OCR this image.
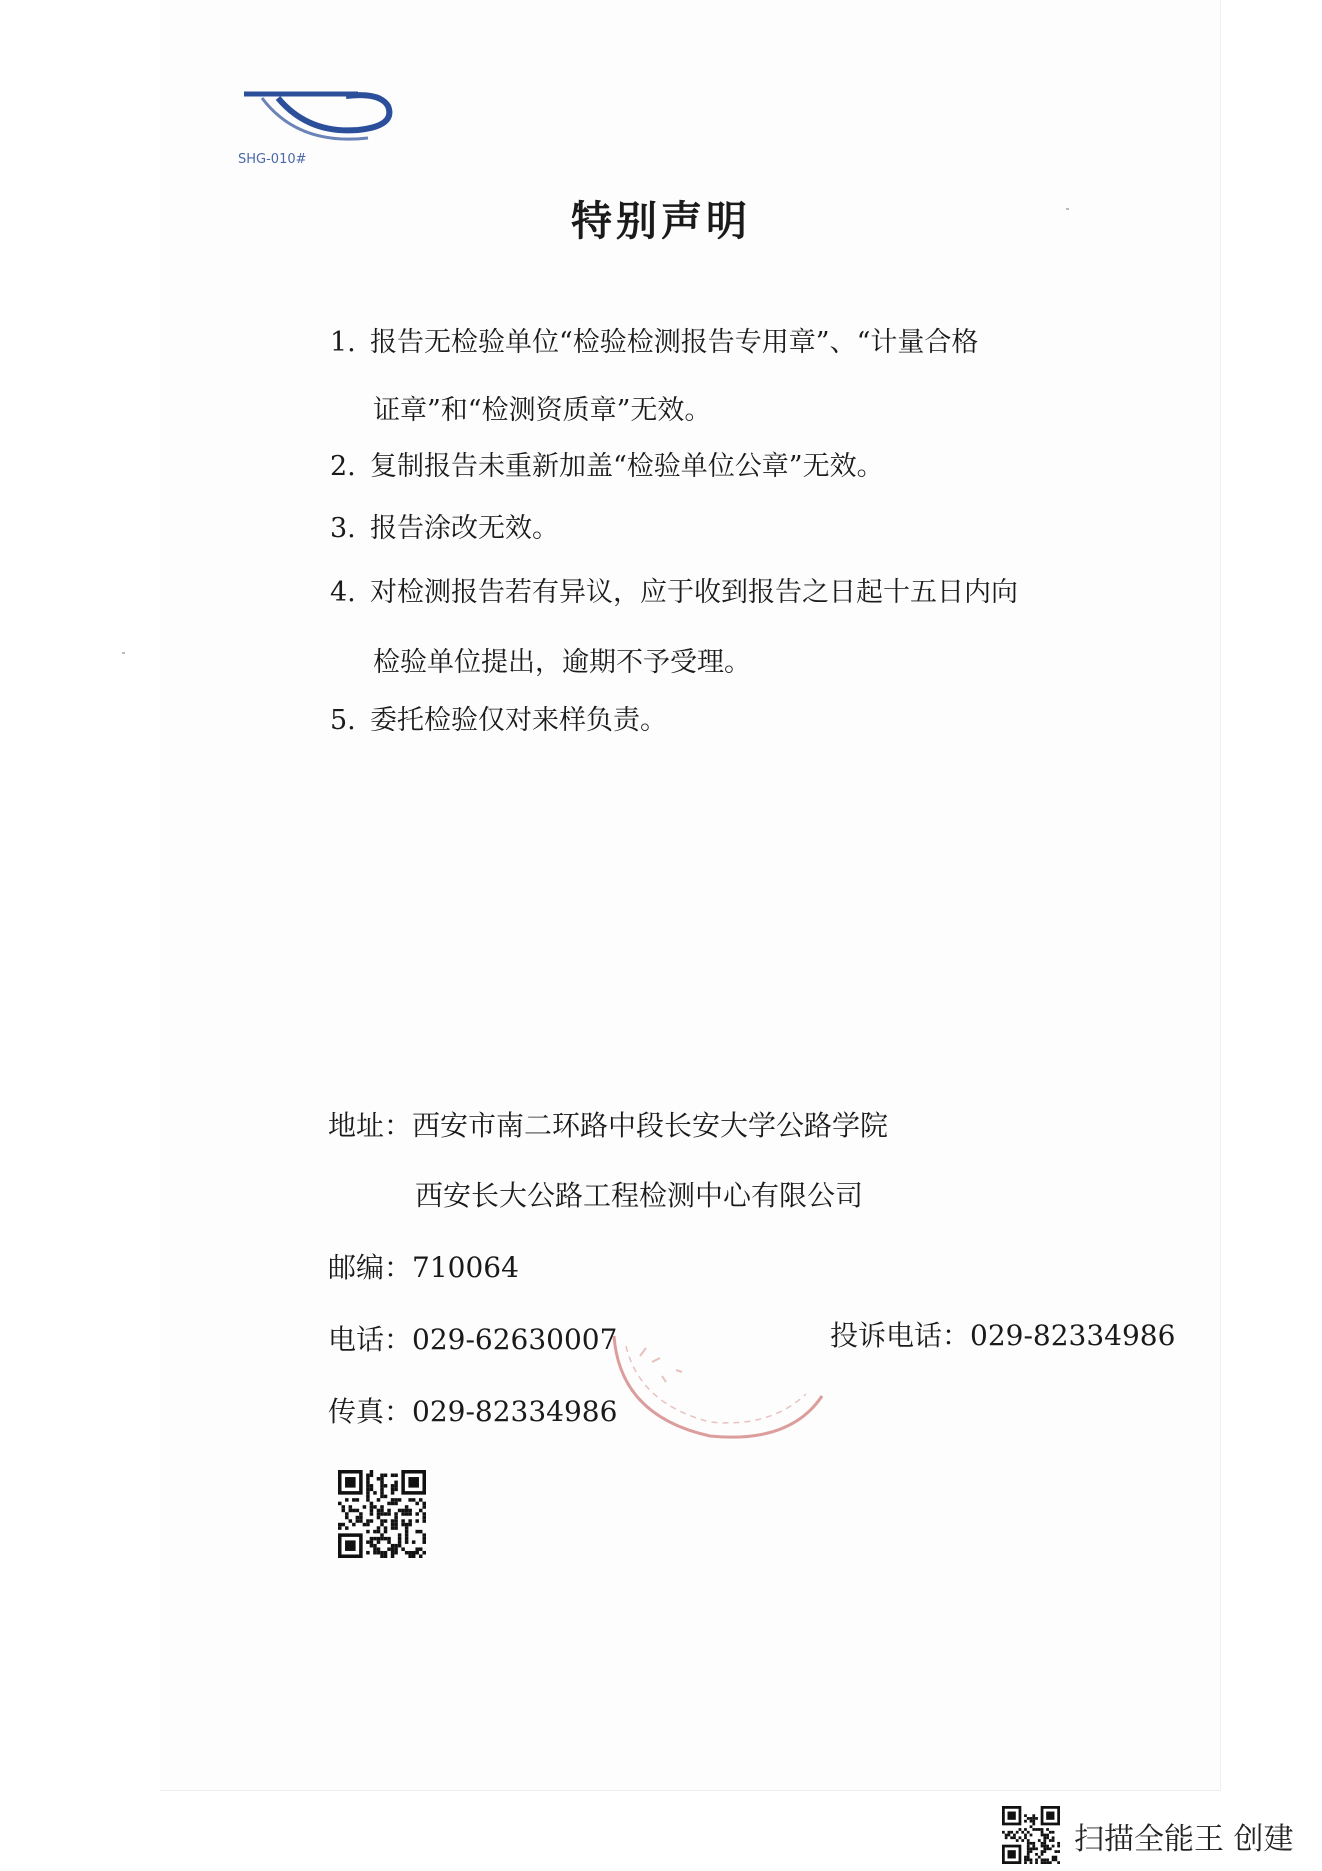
SHG-010#
特别声明

1. 报告无检验单位“检验检测报告专用章”、“计量合格

证章”和“检测资质章”无效。

2. 复制报告未重新加盖“检验单位公章”无效。

3. 报告涂改无效。

4. 对检测报告若有异议，应于收到报告之日起十五日内向

检验单位提出，逾期不予受理。

5. 委托检验仅对来样负责。

地址：西安市南二环路中段长安大学公路学院

西安长大公路工程检测中心有限公司

邮编：710064

电话：029-62630007	投诉电话：029-82334986

传真：029-82334986

扫描全能王 创建
